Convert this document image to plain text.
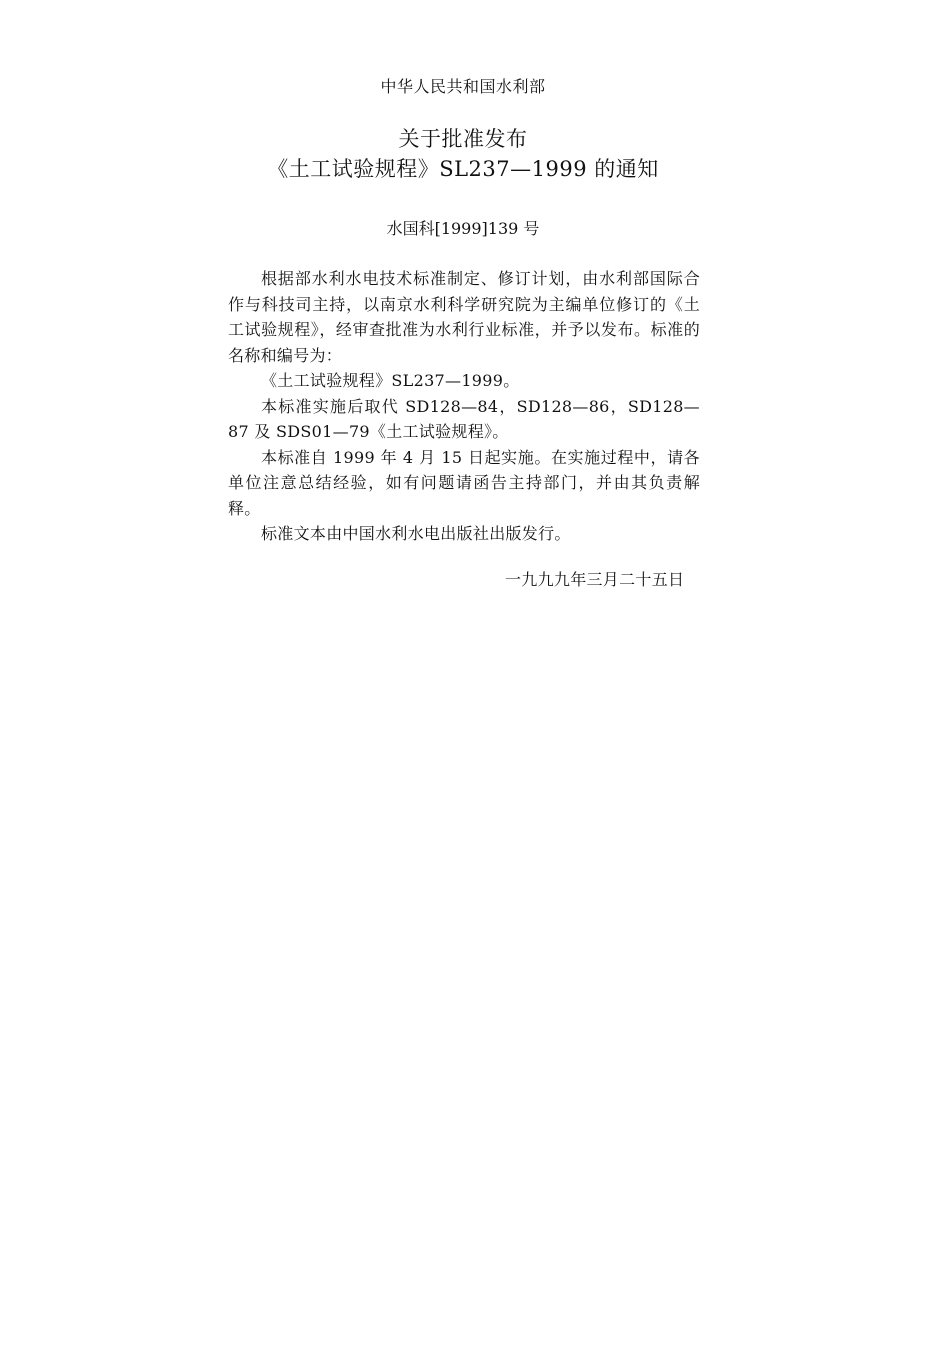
中华人民共和国水利部
关于批准发布
《土工试验规程》SL237—1999 的通知
水国科[1999]139 号

根据部水利水电技术标准制定、修订计划，由水利部国际合作与科技司主持，以南京水利科学研究院为主编单位修订的《土工试验规程》，经审查批准为水利行业标准，并予以发布。标准的名称和编号为：

《土工试验规程》SL237—1999。

本标准实施后取代 SD128—84，SD128—86，SD128—87 及 SDS01—79《土工试验规程》。

本标准自 1999 年 4 月 15 日起实施。在实施过程中，请各单位注意总结经验，如有问题请函告主持部门，并由其负责解释。

标准文本由中国水利水电出版社出版发行。

一九九九年三月二十五日
